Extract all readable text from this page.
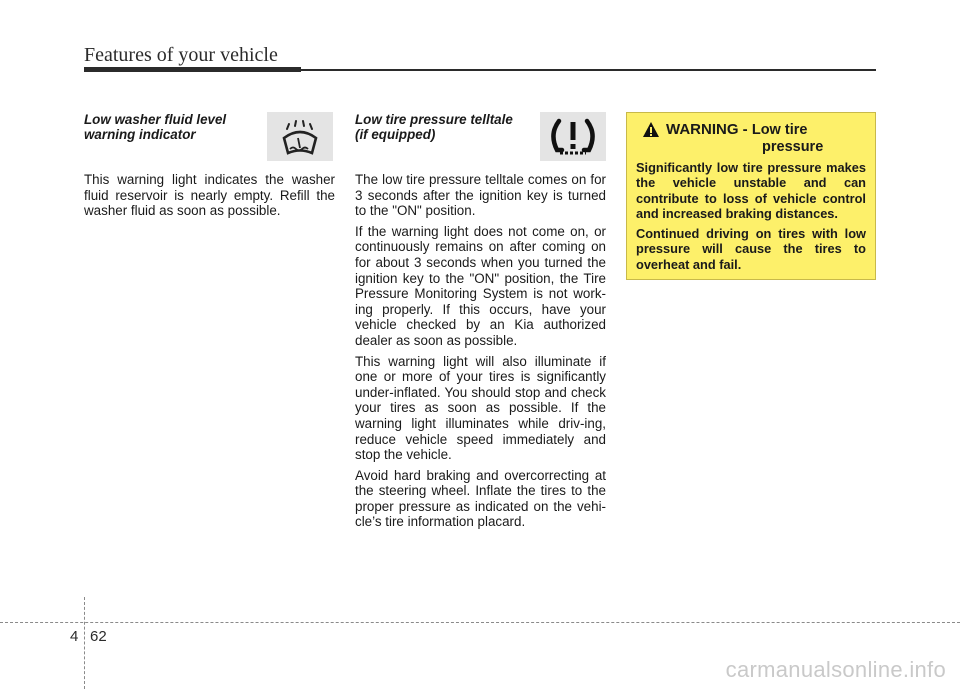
Features of your vehicle
Low washer fluid level
warning indicator

This warning light indicates the washer fluid reservoir is nearly empty. Refill the washer fluid as soon as possible.

Low tire pressure telltale
(if equipped)

The low tire pressure telltale comes on for 3 seconds after the ignition key is turned to the "ON" position.

If the warning light does not come on, or continuously remains on after coming on for about 3 seconds when you turned the ignition key to the "ON" position, the Tire Pressure Monitoring System is not work-ing properly. If this occurs, have your vehicle checked by an Kia authorized dealer as soon as possible.

This warning light will also illuminate if one or more of your tires is significantly under-inflated. You should stop and check your tires as soon as possible. If the warning light illuminates while driv-ing, reduce vehicle speed immediately and stop the vehicle.

Avoid hard braking and overcorrecting at the steering wheel. Inflate the tires to the proper pressure as indicated on the vehi-cle’s tire information placard.

WARNING - Low tire
pressure

Significantly low tire pressure makes the vehicle unstable and can contribute to loss of vehicle control and increased braking distances.

Continued driving on tires with low pressure will cause the tires to overheat and fail.

4 62
carmanualsonline.info
